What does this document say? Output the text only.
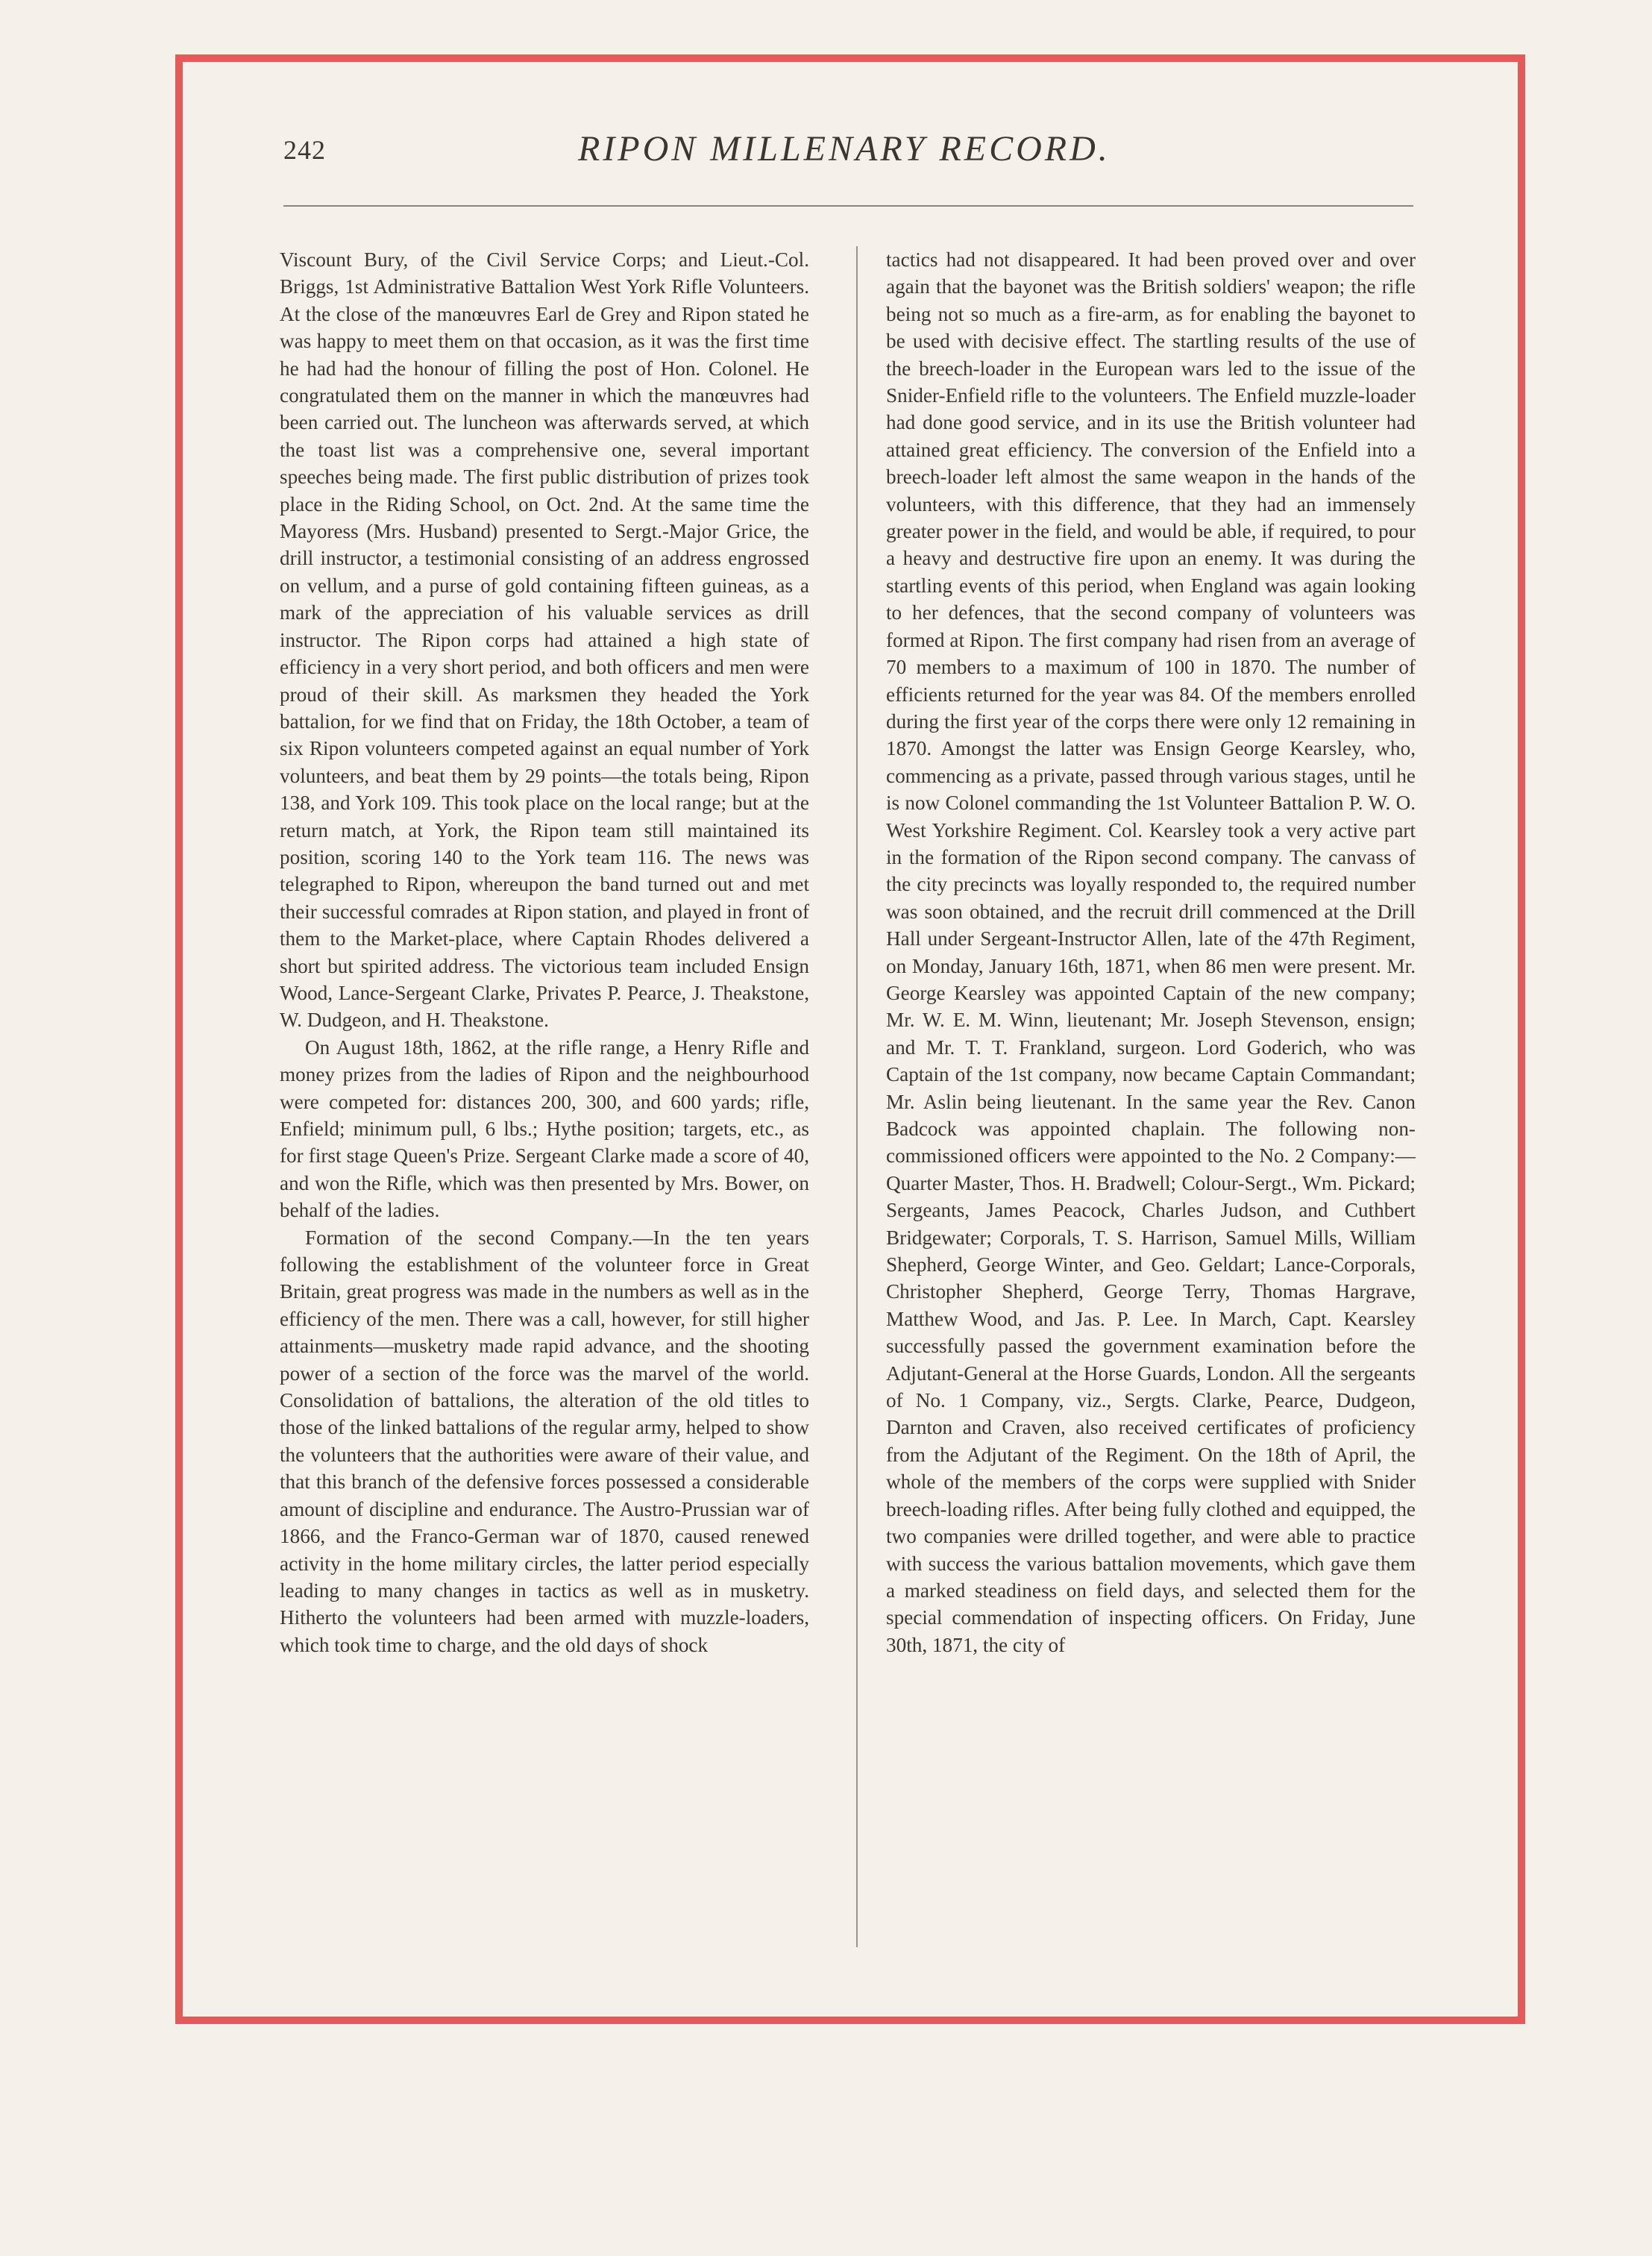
242	RIPON MILLENARY RECORD.

Viscount Bury, of the Civil Service Corps; and Lieut.-Col. Briggs, 1st Administrative Battalion West York Rifle Volunteers. At the close of the manœuvres Earl de Grey and Ripon stated he was happy to meet them on that occasion, as it was the first time he had had the honour of filling the post of Hon. Colonel. He congratulated them on the manner in which the manœuvres had been carried out. The luncheon was afterwards served, at which the toast list was a comprehensive one, several important speeches being made. The first public distribution of prizes took place in the Riding School, on Oct. 2nd. At the same time the Mayoress (Mrs. Husband) presented to Sergt.-Major Grice, the drill instructor, a testimonial consisting of an address engrossed on vellum, and a purse of gold containing fifteen guineas, as a mark of the appreciation of his valuable services as drill instructor. The Ripon corps had attained a high state of efficiency in a very short period, and both officers and men were proud of their skill. As marksmen they headed the York battalion, for we find that on Friday, the 18th October, a team of six Ripon volunteers competed against an equal number of York volunteers, and beat them by 29 points—the totals being, Ripon 138, and York 109. This took place on the local range; but at the return match, at York, the Ripon team still maintained its position, scoring 140 to the York team 116. The news was telegraphed to Ripon, whereupon the band turned out and met their successful comrades at Ripon station, and played in front of them to the Market-place, where Captain Rhodes delivered a short but spirited address. The victorious team included Ensign Wood, Lance-Sergeant Clarke, Privates P. Pearce, J. Theakstone, W. Dudgeon, and H. Theakstone.

On August 18th, 1862, at the rifle range, a Henry Rifle and money prizes from the ladies of Ripon and the neighbourhood were competed for: distances 200, 300, and 600 yards; rifle, Enfield; minimum pull, 6 lbs.; Hythe position; targets, etc., as for first stage Queen's Prize. Sergeant Clarke made a score of 40, and won the Rifle, which was then presented by Mrs. Bower, on behalf of the ladies.

Formation of the second Company.—In the ten years following the establishment of the volunteer force in Great Britain, great progress was made in the numbers as well as in the efficiency of the men. There was a call, however, for still higher attainments—musketry made rapid advance, and the shooting power of a section of the force was the marvel of the world. Consolidation of battalions, the alteration of the old titles to those of the linked battalions of the regular army, helped to show the volunteers that the authorities were aware of their value, and that this branch of the defensive forces possessed a considerable amount of discipline and endurance. The Austro-Prussian war of 1866, and the Franco-German war of 1870, caused renewed activity in the home military circles, the latter period especially leading to many changes in tactics as well as in musketry. Hitherto the volunteers had been armed with muzzle-loaders, which took time to charge, and the old days of shock

tactics had not disappeared. It had been proved over and over again that the bayonet was the British soldiers' weapon; the rifle being not so much as a fire-arm, as for enabling the bayonet to be used with decisive effect. The startling results of the use of the breech-loader in the European wars led to the issue of the Snider-Enfield rifle to the volunteers. The Enfield muzzle-loader had done good service, and in its use the British volunteer had attained great efficiency. The conversion of the Enfield into a breech-loader left almost the same weapon in the hands of the volunteers, with this difference, that they had an immensely greater power in the field, and would be able, if required, to pour a heavy and destructive fire upon an enemy. It was during the startling events of this period, when England was again looking to her defences, that the second company of volunteers was formed at Ripon. The first company had risen from an average of 70 members to a maximum of 100 in 1870. The number of efficients returned for the year was 84. Of the members enrolled during the first year of the corps there were only 12 remaining in 1870. Amongst the latter was Ensign George Kearsley, who, commencing as a private, passed through various stages, until he is now Colonel commanding the 1st Volunteer Battalion P. W. O. West Yorkshire Regiment. Col. Kearsley took a very active part in the formation of the Ripon second company. The canvass of the city precincts was loyally responded to, the required number was soon obtained, and the recruit drill commenced at the Drill Hall under Sergeant-Instructor Allen, late of the 47th Regiment, on Monday, January 16th, 1871, when 86 men were present. Mr. George Kearsley was appointed Captain of the new company; Mr. W. E. M. Winn, lieutenant; Mr. Joseph Stevenson, ensign; and Mr. T. T. Frankland, surgeon. Lord Goderich, who was Captain of the 1st company, now became Captain Commandant; Mr. Aslin being lieutenant. In the same year the Rev. Canon Badcock was appointed chaplain. The following non-commissioned officers were appointed to the No. 2 Company:—Quarter Master, Thos. H. Bradwell; Colour-Sergt., Wm. Pickard; Sergeants, James Peacock, Charles Judson, and Cuthbert Bridgewater; Corporals, T. S. Harrison, Samuel Mills, William Shepherd, George Winter, and Geo. Geldart; Lance-Corporals, Christopher Shepherd, George Terry, Thomas Hargrave, Matthew Wood, and Jas. P. Lee. In March, Capt. Kearsley successfully passed the government examination before the Adjutant-General at the Horse Guards, London. All the sergeants of No. 1 Company, viz., Sergts. Clarke, Pearce, Dudgeon, Darnton and Craven, also received certificates of proficiency from the Adjutant of the Regiment. On the 18th of April, the whole of the members of the corps were supplied with Snider breech-loading rifles. After being fully clothed and equipped, the two companies were drilled together, and were able to practice with success the various battalion movements, which gave them a marked steadiness on field days, and selected them for the special commendation of inspecting officers. On Friday, June 30th, 1871, the city of
